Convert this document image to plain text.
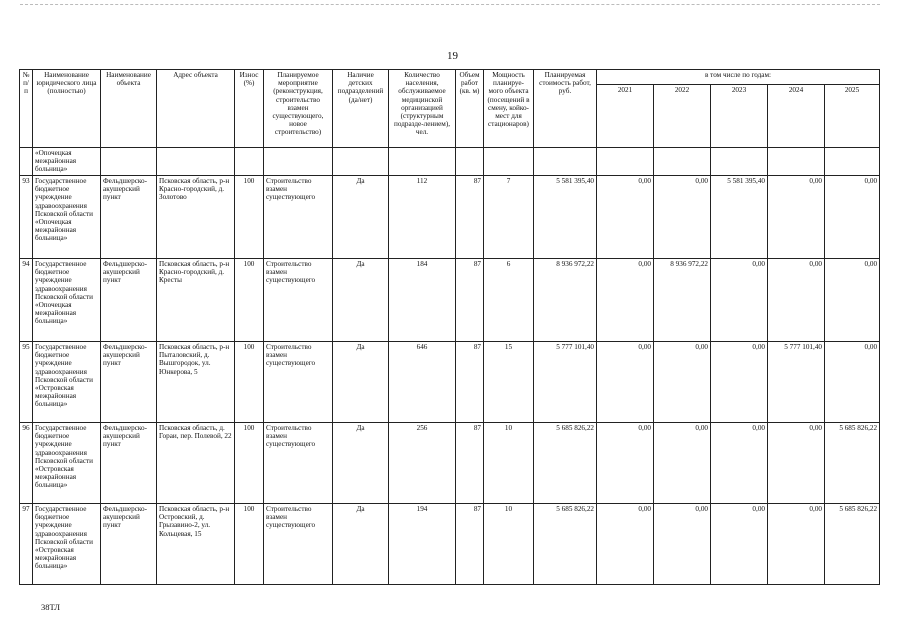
19
№ п/п	Наименование юридического лица (полностью)	Наименование объекта	Адрес объекта	Износ (%)	Планируемое мероприятие (реконструкция, строительство взамен существующего, новое строительство)	Наличие детских подразделений (да/нет)	Количество населения, обслуживаемое медицинской организацией (структурным подразде-лением), чел.	Объем работ (кв. м)	Мощность планируе-мого объекта (посещений в смену, койко-мест для стационаров)	Планируемая стоимость работ, руб.	в том числе по годам:				
											2021	2022	2023	2024	2025
	«Опочецкая межрайонная больница»														
93	Государственное бюджетное учреждение здравоохранения Псковской области «Опочецкая межрайонная больница»	Фельдшерско-акушерский пункт	Псковская область, р-н Красно-городский, д. Золотово	100	Строительство взамен существующего	Да	112	87	7	5 581 395,40	0,00	0,00	5 581 395,40	0,00	0,00
94	Государственное бюджетное учреждение здравоохранения Псковской области «Опочецкая межрайонная больница»	Фельдшерско-акушерский пункт	Псковская область, р-н Красно-городский, д. Кресты	100	Строительство взамен существующего	Да	184	87	6	8 936 972,22	0,00	8 936 972,22	0,00	0,00	0,00
95	Государственное бюджетное учреждение здравоохранения Псковской области «Островская межрайонная больница»	Фельдшерско-акушерский пункт	Псковская область, р-н Пыталовский, д. Вышгородок, ул. Юнкерова, 5	100	Строительство взамен существующего	Да	646	87	15	5 777 101,40	0,00	0,00	0,00	5 777 101,40	0,00
96	Государственное бюджетное учреждение здравоохранения Псковской области «Островская межрайонная больница»	Фельдшерско-акушерский пункт	Псковская область, д. Гораи, пер. Полевой, 22	100	Строительство взамен существующего	Да	256	87	10	5 685 826,22	0,00	0,00	0,00	0,00	5 685 826,22
97	Государственное бюджетное учреждение здравоохранения Псковской области «Островская межрайонная больница»	Фельдшерско-акушерский пункт	Псковская область, р-н Островский, д. Грызавино-2, ул. Кольцевая, 15	100	Строительство взамен существующего	Да	194	87	10	5 685 826,22	0,00	0,00	0,00	0,00	5 685 826,22
38ТЛ
